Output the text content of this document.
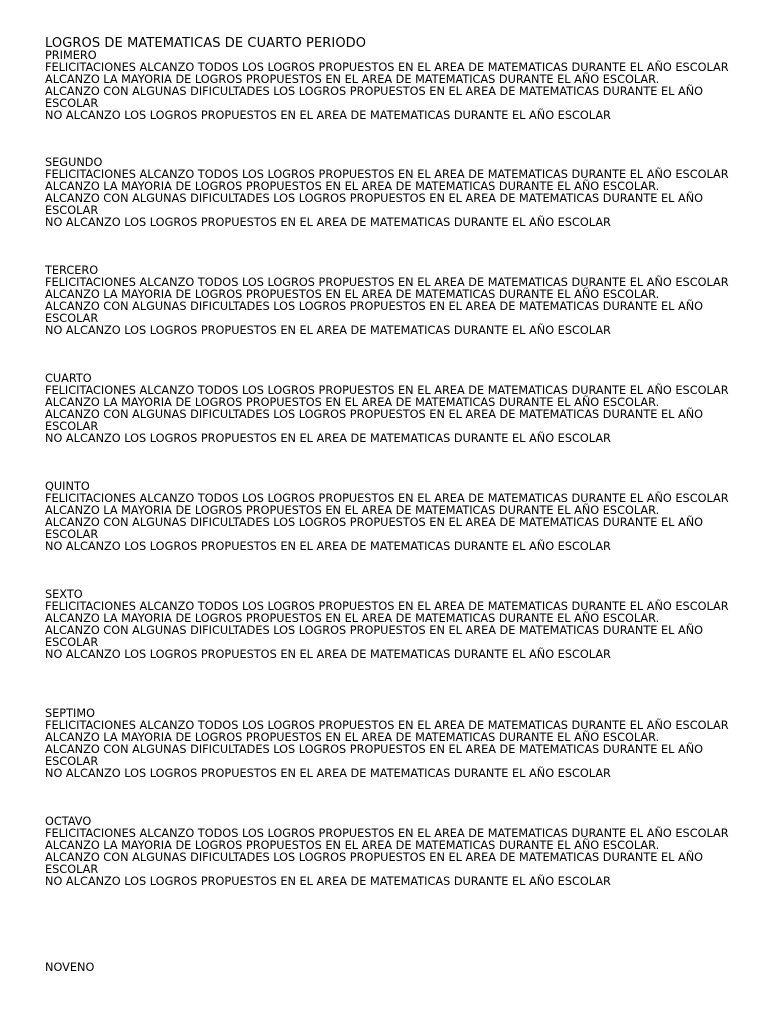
LOGROS DE MATEMATICAS DE CUARTO PERIODO
PRIMERO
FELICITACIONES ALCANZO TODOS LOS LOGROS PROPUESTOS EN EL AREA DE MATEMATICAS DURANTE EL AÑO ESCOLAR
ALCANZO LA MAYORIA DE LOGROS PROPUESTOS EN EL AREA DE MATEMATICAS DURANTE EL AÑO ESCOLAR.
ALCANZO CON ALGUNAS DIFICULTADES LOS LOGROS PROPUESTOS EN EL AREA DE MATEMATICAS DURANTE EL AÑO ESCOLAR
NO ALCANZO LOS LOGROS PROPUESTOS EN EL AREA DE MATEMATICAS DURANTE EL AÑO ESCOLAR
SEGUNDO
FELICITACIONES ALCANZO TODOS LOS LOGROS PROPUESTOS EN EL AREA DE MATEMATICAS DURANTE EL AÑO ESCOLAR
ALCANZO LA MAYORIA DE LOGROS PROPUESTOS EN EL AREA DE MATEMATICAS DURANTE EL AÑO ESCOLAR.
ALCANZO CON ALGUNAS DIFICULTADES LOS LOGROS PROPUESTOS EN EL AREA DE MATEMATICAS DURANTE EL AÑO ESCOLAR
NO ALCANZO LOS LOGROS PROPUESTOS EN EL AREA DE MATEMATICAS DURANTE EL AÑO ESCOLAR
TERCERO
FELICITACIONES ALCANZO TODOS LOS LOGROS PROPUESTOS EN EL AREA DE MATEMATICAS DURANTE EL AÑO ESCOLAR
ALCANZO LA MAYORIA DE LOGROS PROPUESTOS EN EL AREA DE MATEMATICAS DURANTE EL AÑO ESCOLAR.
ALCANZO CON ALGUNAS DIFICULTADES LOS LOGROS PROPUESTOS EN EL AREA DE MATEMATICAS DURANTE EL AÑO ESCOLAR
NO ALCANZO LOS LOGROS PROPUESTOS EN EL AREA DE MATEMATICAS DURANTE EL AÑO ESCOLAR
CUARTO
FELICITACIONES ALCANZO TODOS LOS LOGROS PROPUESTOS EN EL AREA DE MATEMATICAS DURANTE EL AÑO ESCOLAR
ALCANZO LA MAYORIA DE LOGROS PROPUESTOS EN EL AREA DE MATEMATICAS DURANTE EL AÑO ESCOLAR.
ALCANZO CON ALGUNAS DIFICULTADES LOS LOGROS PROPUESTOS EN EL AREA DE MATEMATICAS DURANTE EL AÑO ESCOLAR
NO ALCANZO LOS LOGROS PROPUESTOS EN EL AREA DE MATEMATICAS DURANTE EL AÑO ESCOLAR
QUINTO
FELICITACIONES ALCANZO TODOS LOS LOGROS PROPUESTOS EN EL AREA DE MATEMATICAS DURANTE EL AÑO ESCOLAR
ALCANZO LA MAYORIA DE LOGROS PROPUESTOS EN EL AREA DE MATEMATICAS DURANTE EL AÑO ESCOLAR.
ALCANZO CON ALGUNAS DIFICULTADES LOS LOGROS PROPUESTOS EN EL AREA DE MATEMATICAS DURANTE EL AÑO ESCOLAR
NO ALCANZO LOS LOGROS PROPUESTOS EN EL AREA DE MATEMATICAS DURANTE EL AÑO ESCOLAR
SEXTO
FELICITACIONES ALCANZO TODOS LOS LOGROS PROPUESTOS EN EL AREA DE MATEMATICAS DURANTE EL AÑO ESCOLAR
ALCANZO LA MAYORIA DE LOGROS PROPUESTOS EN EL AREA DE MATEMATICAS DURANTE EL AÑO ESCOLAR.
ALCANZO CON ALGUNAS DIFICULTADES LOS LOGROS PROPUESTOS EN EL AREA DE MATEMATICAS DURANTE EL AÑO ESCOLAR
NO ALCANZO LOS LOGROS PROPUESTOS EN EL AREA DE MATEMATICAS DURANTE EL AÑO ESCOLAR
SEPTIMO
FELICITACIONES ALCANZO TODOS LOS LOGROS PROPUESTOS EN EL AREA DE MATEMATICAS DURANTE EL AÑO ESCOLAR
ALCANZO LA MAYORIA DE LOGROS PROPUESTOS EN EL AREA DE MATEMATICAS DURANTE EL AÑO ESCOLAR.
ALCANZO CON ALGUNAS DIFICULTADES LOS LOGROS PROPUESTOS EN EL AREA DE MATEMATICAS DURANTE EL AÑO ESCOLAR
NO ALCANZO LOS LOGROS PROPUESTOS EN EL AREA DE MATEMATICAS DURANTE EL AÑO ESCOLAR
OCTAVO
FELICITACIONES ALCANZO TODOS LOS LOGROS PROPUESTOS EN EL AREA DE MATEMATICAS DURANTE EL AÑO ESCOLAR
ALCANZO LA MAYORIA DE LOGROS PROPUESTOS EN EL AREA DE MATEMATICAS DURANTE EL AÑO ESCOLAR.
ALCANZO CON ALGUNAS DIFICULTADES LOS LOGROS PROPUESTOS EN EL AREA DE MATEMATICAS DURANTE EL AÑO ESCOLAR
NO ALCANZO LOS LOGROS PROPUESTOS EN EL AREA DE MATEMATICAS DURANTE EL AÑO ESCOLAR
NOVENO
